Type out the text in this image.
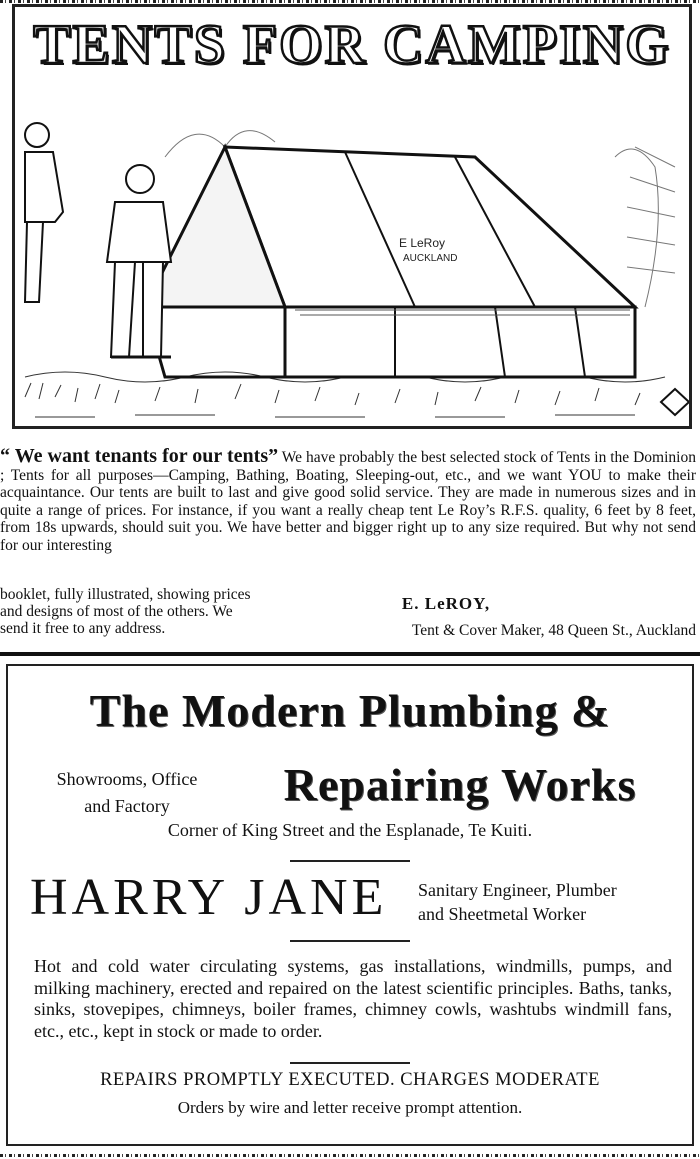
TENTS FOR CAMPING
E LeRoy
AUCKLAND
“ We want tenants for our tents” We have probably the best selected stock of Tents in the Dominion ; Tents for all purposes—Camping, Bathing, Boating, Sleeping-out, etc., and we want YOU to make their acquaintance. Our tents are built to last and give good solid service. They are made in numerous sizes and in quite a range of prices. For instance, if you want a really cheap tent Le Roy’s R.F.S. quality, 6 feet by 8 feet, from 18s upwards, should suit you. We have better and bigger right up to any size required. But why not send for our interesting
booklet, fully illustrated, showing prices
and designs of most of the others. We
send it free to any address.
E. LeROY,
Tent & Cover Maker, 48 Queen St., Auckland
The Modern Plumbing &
Showrooms, Office
and Factory	Repairing Works
Corner of King Street and the Esplanade, Te Kuiti.
HARRY JANE Sanitary Engineer, Plumber
and Sheetmetal Worker
Hot and cold water circulating systems, gas installations, windmills, pumps, and milking machinery, erected and repaired on the latest scientific principles. Baths, tanks, sinks, stovepipes, chimneys, boiler frames, chimney cowls, washtubs windmill fans, etc., etc., kept in stock or made to order.
REPAIRS PROMPTLY EXECUTED. CHARGES MODERATE
Orders by wire and letter receive prompt attention.
